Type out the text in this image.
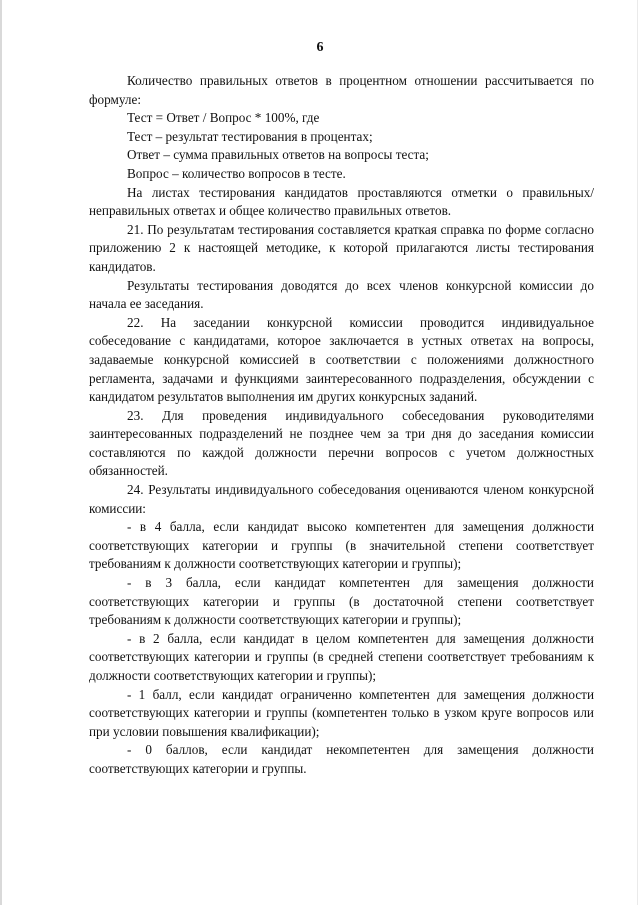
6

Количество правильных ответов в процентном отношении рассчитывается по формуле:

Тест = Ответ / Вопрос * 100%, где

Тест – результат тестирования в процентах;

Ответ – сумма правильных ответов на вопросы теста;

Вопрос – количество вопросов в тесте.

На листах тестирования кандидатов проставляются отметки о правильных/неправильных ответах и общее количество правильных ответов.

21. По результатам тестирования составляется краткая справка по форме согласно приложению 2 к настоящей методике, к которой прилагаются листы тестирования кандидатов.

Результаты тестирования доводятся до всех членов конкурсной комиссии до начала ее заседания.

22. На заседании конкурсной комиссии проводится индивидуальное собеседование с кандидатами, которое заключается в устных ответах на вопросы, задаваемые конкурсной комиссией в соответствии с положениями должностного регламента, задачами и функциями заинтересованного подразделения, обсуждении с кандидатом результатов выполнения им других конкурсных заданий.

23. Для проведения индивидуального собеседования руководителями заинтересованных подразделений не позднее чем за три дня до заседания комиссии составляются по каждой должности перечни вопросов с учетом должностных обязанностей.

24. Результаты индивидуального собеседования оцениваются членом конкурсной комиссии:

- в 4 балла, если кандидат высоко компетентен для замещения должности соответствующих категории и группы (в значительной степени соответствует требованиям к должности соответствующих категории и группы);

- в 3 балла, если кандидат компетентен для замещения должности соответствующих категории и группы (в достаточной степени соответствует требованиям к должности соответствующих категории и группы);

- в 2 балла, если кандидат в целом компетентен для замещения должности соответствующих категории и группы (в средней степени соответствует требованиям к должности соответствующих категории и группы);

- 1 балл, если кандидат ограниченно компетентен для замещения должности соответствующих категории и группы (компетентен только в узком круге вопросов или при условии повышения квалификации);

- 0 баллов, если кандидат некомпетентен для замещения должности соответствующих категории и группы.
